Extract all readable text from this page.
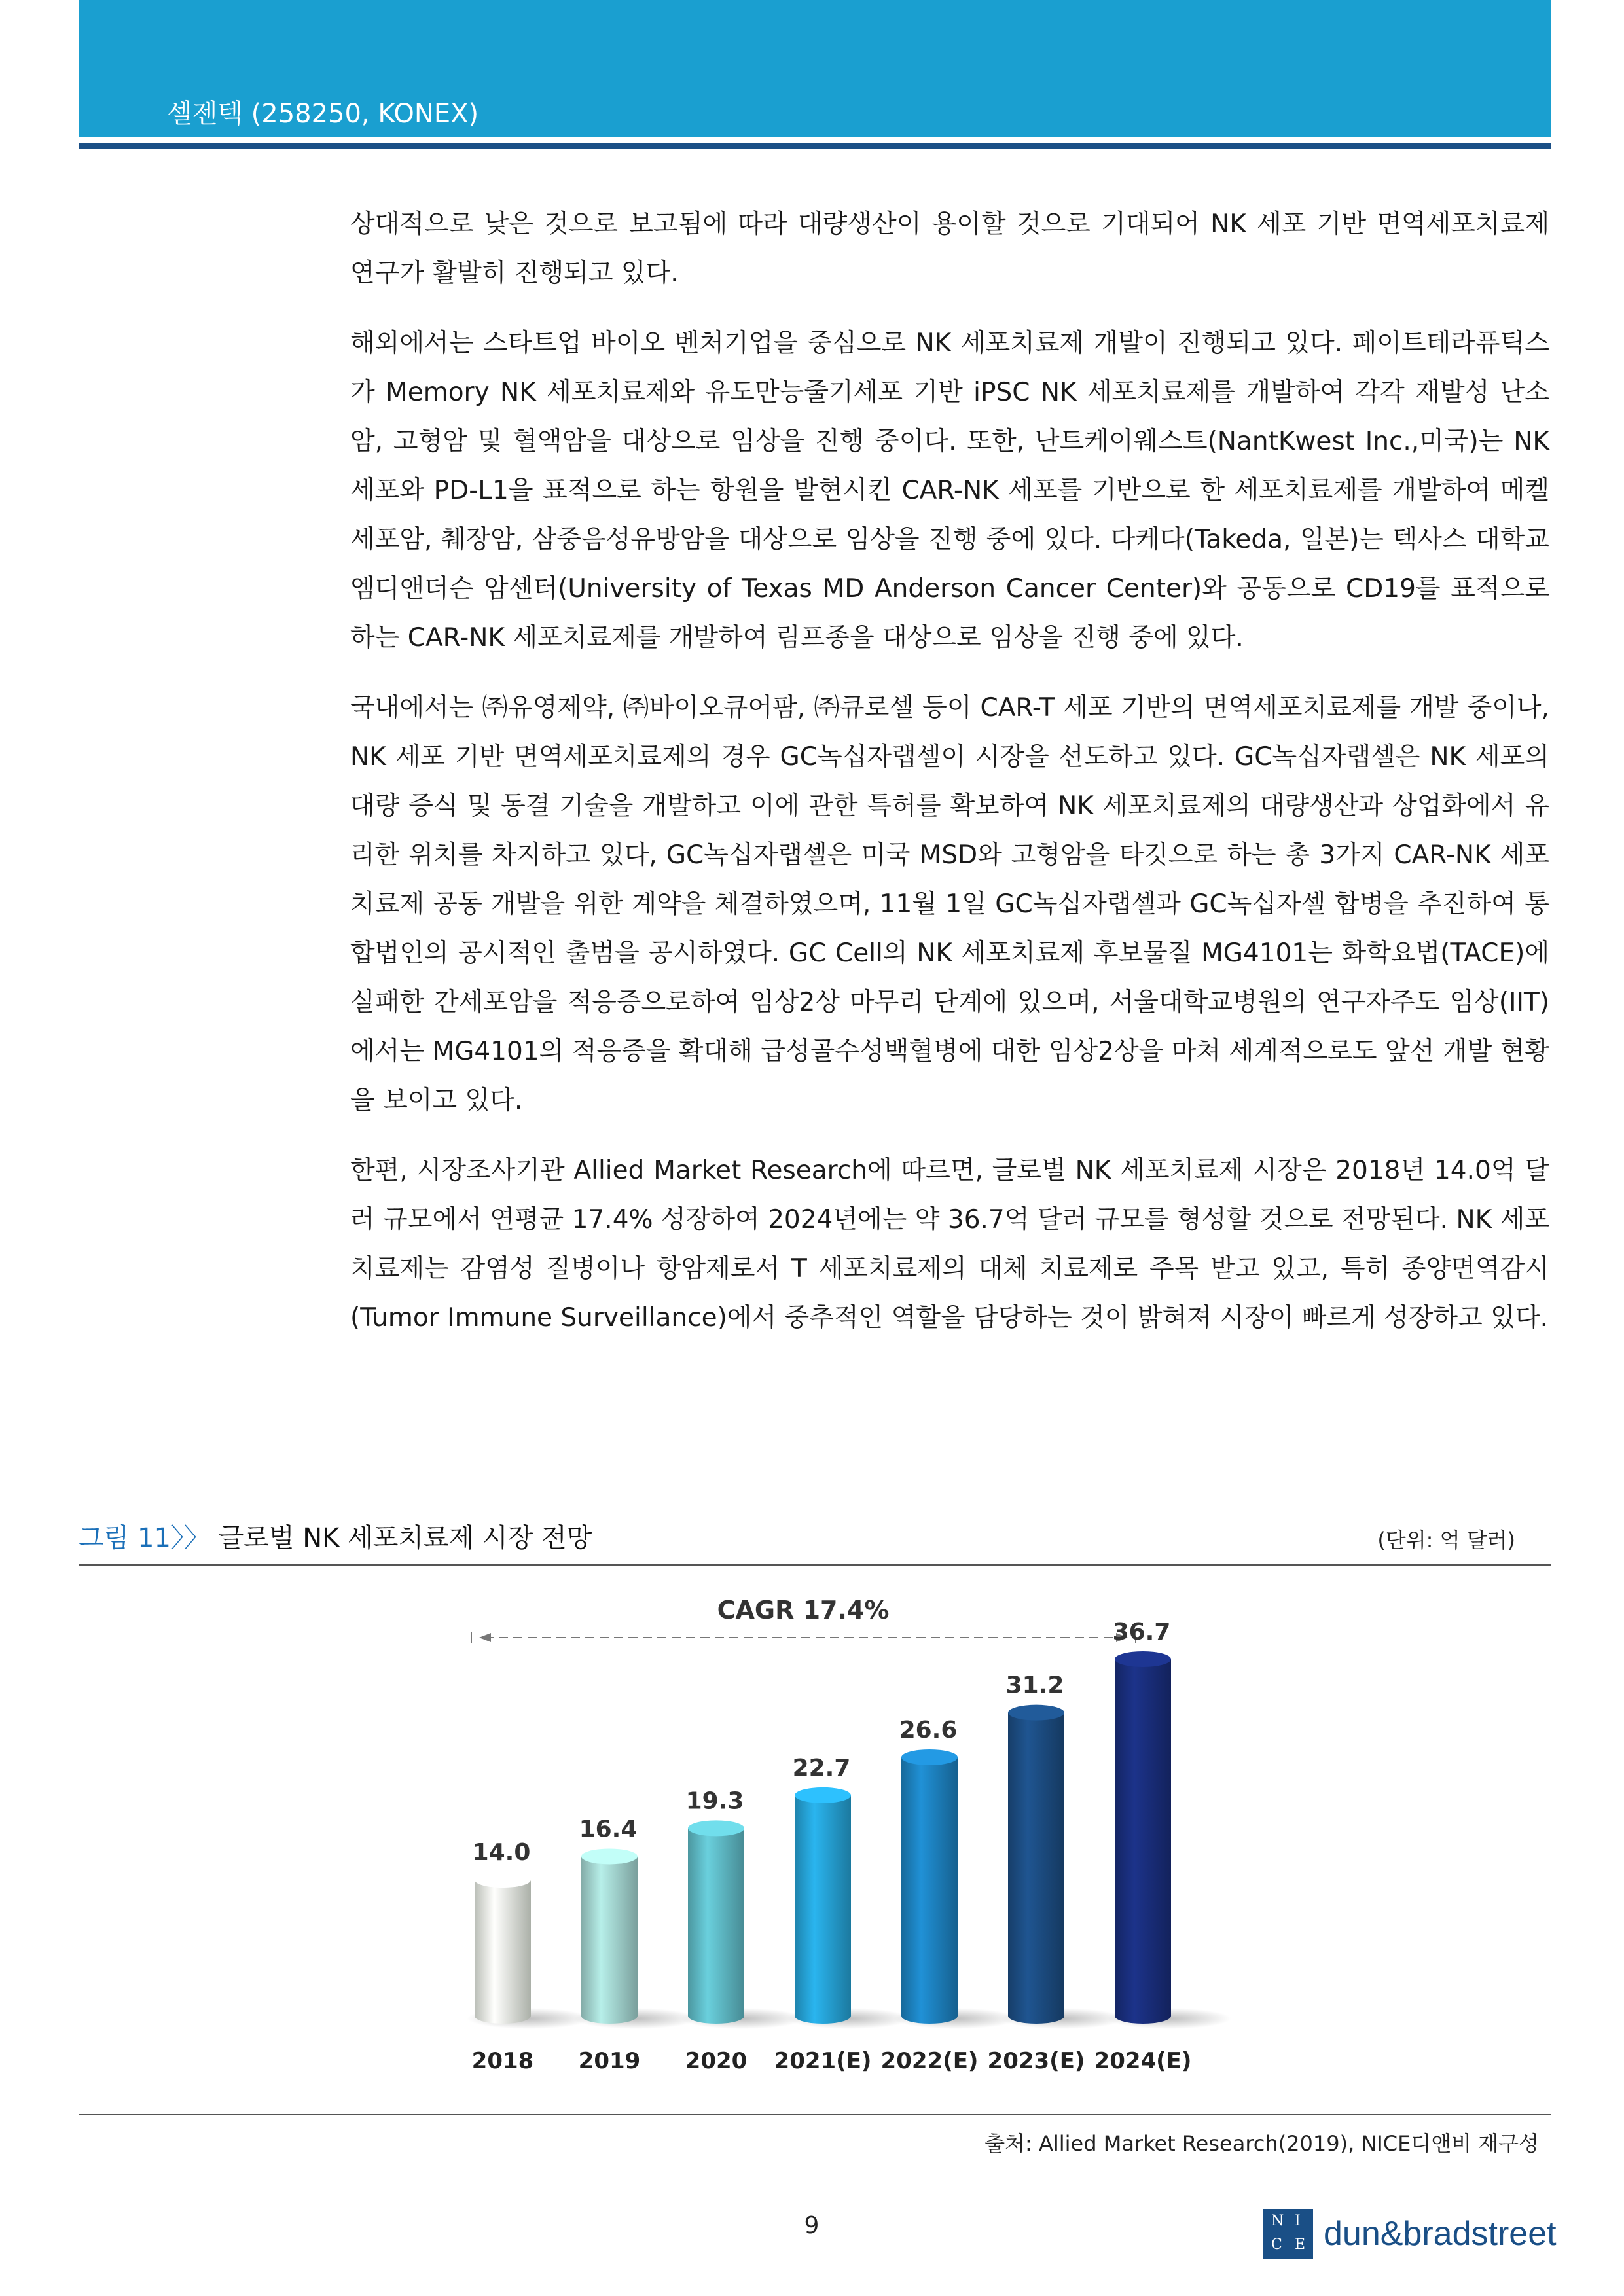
셀젠텍 (258250, KONEX)

상대적으로 낮은 것으로 보고됨에 따라 대량생산이 용이할 것으로 기대되어 NK 세포 기반 면역세포치료제 연구가 활발히 진행되고 있다.

해외에서는 스타트업 바이오 벤처기업을 중심으로 NK 세포치료제 개발이 진행되고 있다. 페이트테라퓨틱스가 Memory NK 세포치료제와 유도만능줄기세포 기반 iPSC NK 세포치료제를 개발하여 각각 재발성 난소암, 고형암 및 혈액암을 대상으로 임상을 진행 중이다. 또한, 난트케이웨스트(NantKwest Inc.,미국)는 NK 세포와 PD-L1을 표적으로 하는 항원을 발현시킨 CAR-NK 세포를 기반으로 한 세포치료제를 개발하여 메켈세포암, 췌장암, 삼중음성유방암을 대상으로 임상을 진행 중에 있다. 다케다(Takeda, 일본)는 텍사스 대학교 엠디앤더슨 암센터(University of Texas MD Anderson Cancer Center)와 공동으로 CD19를 표적으로 하는 CAR-NK 세포치료제를 개발하여 림프종을 대상으로 임상을 진행 중에 있다.

국내에서는 ㈜유영제약, ㈜바이오큐어팜, ㈜큐로셀 등이 CAR-T 세포 기반의 면역세포치료제를 개발 중이나, NK 세포 기반 면역세포치료제의 경우 GC녹십자랩셀이 시장을 선도하고 있다. GC녹십자랩셀은 NK 세포의 대량 증식 및 동결 기술을 개발하고 이에 관한 특허를 확보하여 NK 세포치료제의 대량생산과 상업화에서 유리한 위치를 차지하고 있다, GC녹십자랩셀은 미국 MSD와 고형암을 타깃으로 하는 총 3가지 CAR-NK 세포치료제 공동 개발을 위한 계약을 체결하였으며, 11월 1일 GC녹십자랩셀과 GC녹십자셀 합병을 추진하여 통합법인의 공시적인 출범을 공시하였다. GC Cell의 NK 세포치료제 후보물질 MG4101는 화학요법(TACE)에 실패한 간세포암을 적응증으로하여 임상2상 마무리 단계에 있으며, 서울대학교병원의 연구자주도 임상(IIT)에서는 MG4101의 적응증을 확대해 급성골수성백혈병에 대한 임상2상을 마쳐 세계적으로도 앞선 개발 현황을 보이고 있다.

한편, 시장조사기관 Allied Market Research에 따르면, 글로벌 NK 세포치료제 시장은 2018년 14.0억 달러 규모에서 연평균 17.4% 성장하여 2024년에는 약 36.7억 달러 규모를 형성할 것으로 전망된다. NK 세포치료제는 감염성 질병이나 항암제로서 T 세포치료제의 대체 치료제로 주목 받고 있고, 특히 종양면역감시(Tumor Immune Surveillance)에서 중추적인 역할을 담당하는 것이 밝혀져 시장이 빠르게 성장하고 있다.

그림 11〉〉 글로벌 NK 세포치료제 시장 전망	(단위: 억 달러)
CAGR 17.4%
14.0
2018
16.4
2019
19.3
2020
22.7
2021(E)
26.6
2022(E)
31.2
2023(E)
36.7
2024(E)
출처: Allied Market Research(2019), NICE디앤비 재구성
9	N I
C E dun&bradstreet
